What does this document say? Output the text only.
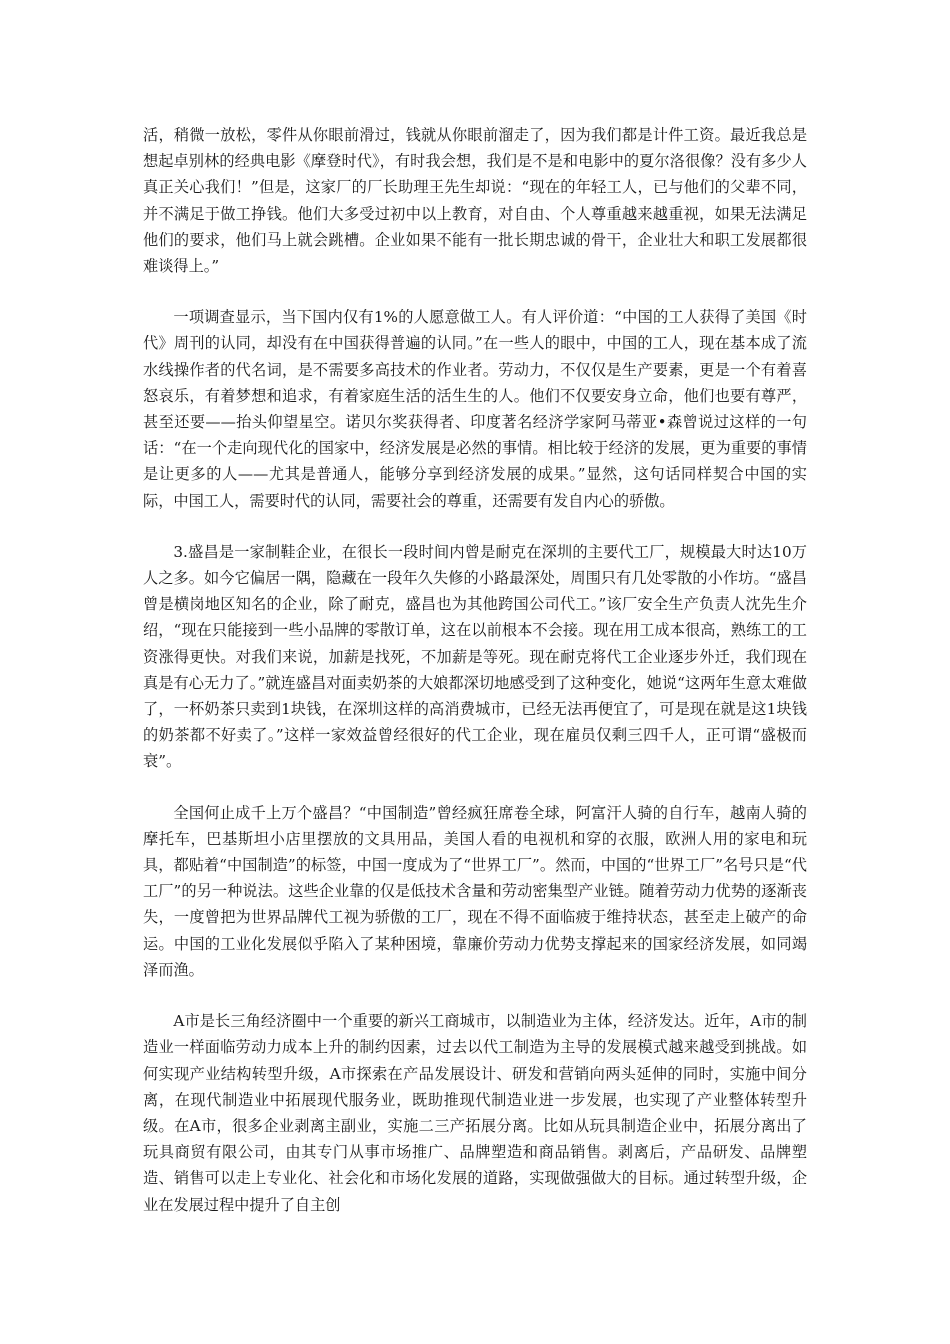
活，稍微一放松，零件从你眼前滑过，钱就从你眼前溜走了，因为我们都是计件工资。最近我总是想起卓别林的经典电影《摩登时代》，有时我会想，我们是不是和电影中的夏尔洛很像？没有多少人真正关心我们！”但是，这家厂的厂长助理王先生却说：“现在的年轻工人，已与他们的父辈不同，并不满足于做工挣钱。他们大多受过初中以上教育，对自由、个人尊重越来越重视，如果无法满足他们的要求，他们马上就会跳槽。企业如果不能有一批长期忠诚的骨干，企业壮大和职工发展都很难谈得上。”

一项调查显示，当下国内仅有1%的人愿意做工人。有人评价道：“中国的工人获得了美国《时代》周刊的认同，却没有在中国获得普遍的认同。”在一些人的眼中，中国的工人，现在基本成了流水线操作者的代名词，是不需要多高技术的作业者。劳动力，不仅仅是生产要素，更是一个有着喜怒哀乐，有着梦想和追求，有着家庭生活的活生生的人。他们不仅要安身立命，他们也要有尊严，甚至还要——抬头仰望星空。诺贝尔奖获得者、印度著名经济学家阿马蒂亚•森曾说过这样的一句话：“在一个走向现代化的国家中，经济发展是必然的事情。相比较于经济的发展，更为重要的事情是让更多的人——尤其是普通人，能够分享到经济发展的成果。”显然，这句话同样契合中国的实际，中国工人，需要时代的认同，需要社会的尊重，还需要有发自内心的骄傲。

3.盛昌是一家制鞋企业，在很长一段时间内曾是耐克在深圳的主要代工厂，规模最大时达10万人之多。如今它偏居一隅，隐藏在一段年久失修的小路最深处，周围只有几处零散的小作坊。“盛昌曾是横岗地区知名的企业，除了耐克，盛昌也为其他跨国公司代工。”该厂安全生产负责人沈先生介绍，“现在只能接到一些小品牌的零散订单，这在以前根本不会接。现在用工成本很高，熟练工的工资涨得更快。对我们来说，加薪是找死，不加薪是等死。现在耐克将代工企业逐步外迁，我们现在真是有心无力了。”就连盛昌对面卖奶茶的大娘都深切地感受到了这种变化，她说“这两年生意太难做了，一杯奶茶只卖到1块钱，在深圳这样的高消费城市，已经无法再便宜了，可是现在就是这1块钱的奶茶都不好卖了。”这样一家效益曾经很好的代工企业，现在雇员仅剩三四千人，正可谓“盛极而衰”。

全国何止成千上万个盛昌？“中国制造”曾经疯狂席卷全球，阿富汗人骑的自行车，越南人骑的摩托车，巴基斯坦小店里摆放的文具用品，美国人看的电视机和穿的衣服，欧洲人用的家电和玩具，都贴着“中国制造”的标签，中国一度成为了“世界工厂”。然而，中国的“世界工厂”名号只是“代工厂”的另一种说法。这些企业靠的仅是低技术含量和劳动密集型产业链。随着劳动力优势的逐渐丧失，一度曾把为世界品牌代工视为骄傲的工厂，现在不得不面临疲于维持状态，甚至走上破产的命运。中国的工业化发展似乎陷入了某种困境，靠廉价劳动力优势支撑起来的国家经济发展，如同竭泽而渔。

A市是长三角经济圈中一个重要的新兴工商城市，以制造业为主体，经济发达。近年，A市的制造业一样面临劳动力成本上升的制约因素，过去以代工制造为主导的发展模式越来越受到挑战。如何实现产业结构转型升级，A市探索在产品发展设计、研发和营销向两头延伸的同时，实施中间分离，在现代制造业中拓展现代服务业，既助推现代制造业进一步发展，也实现了产业整体转型升级。在A市，很多企业剥离主副业，实施二三产拓展分离。比如从玩具制造企业中，拓展分离出了玩具商贸有限公司，由其专门从事市场推广、品牌塑造和商品销售。剥离后，产品研发、品牌塑造、销售可以走上专业化、社会化和市场化发展的道路，实现做强做大的目标。通过转型升级，企业在发展过程中提升了自主创
